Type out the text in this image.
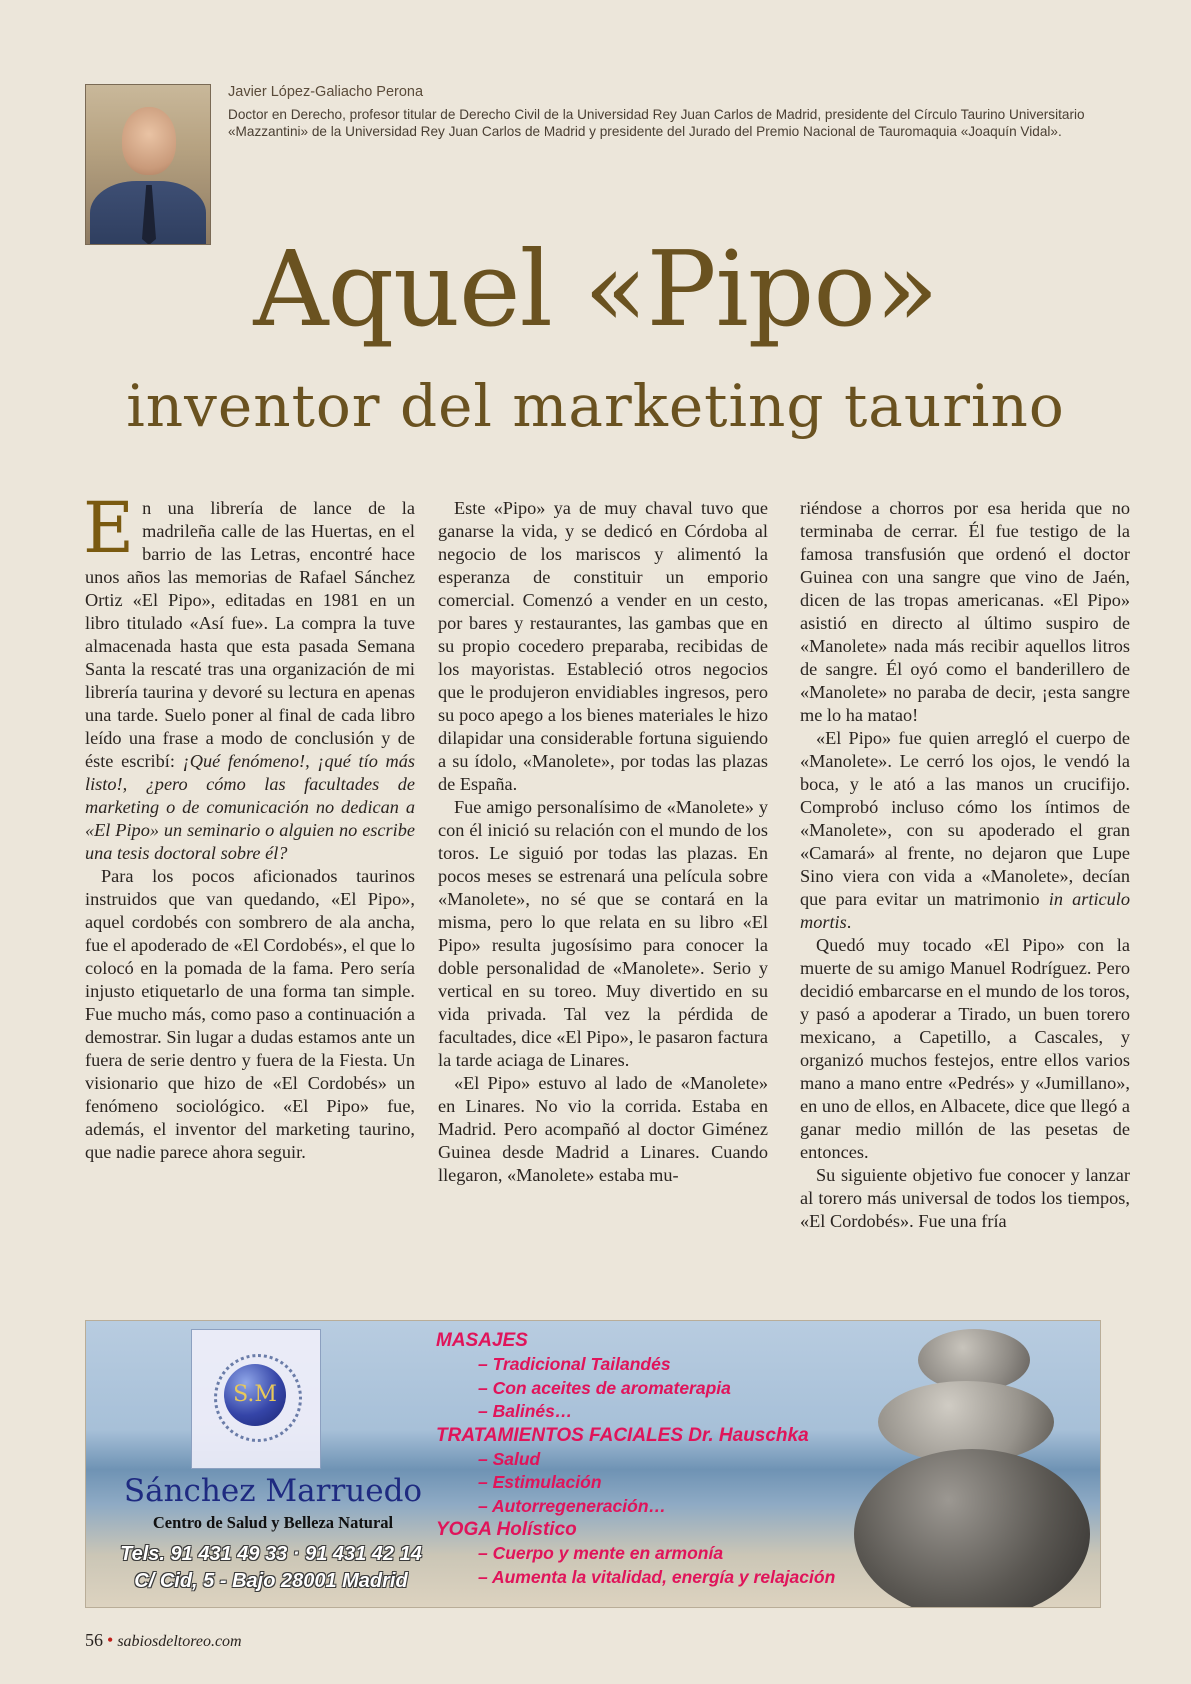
Javier López-Galiacho Perona
Doctor en Derecho, profesor titular de Derecho Civil de la Universidad Rey Juan Carlos de Madrid, presidente del Círculo Taurino Universitario «Mazzantini» de la Universidad Rey Juan Carlos de Madrid y presidente del Jurado del Premio Nacional de Tauromaquia «Joaquín Vidal».
Aquel «Pipo»
inventor del marketing taurino

En una librería de lance de la madrileña calle de las Huertas, en el barrio de las Letras, encontré hace unos años las memorias de Rafael Sánchez Ortiz «El Pipo», editadas en 1981 en un libro titulado «Así fue». La compra la tuve almacenada hasta que esta pasada Semana Santa la rescaté tras una organización de mi librería taurina y devoré su lectura en apenas una tarde. Suelo poner al final de cada libro leído una frase a modo de conclusión y de éste escribí: ¡Qué fenómeno!, ¡qué tío más listo!, ¿pero cómo las facultades de marketing o de comunicación no dedican a «El Pipo» un seminario o alguien no escribe una tesis doctoral sobre él?

Para los pocos aficionados taurinos instruidos que van quedando, «El Pipo», aquel cordobés con sombrero de ala ancha, fue el apoderado de «El Cordobés», el que lo colocó en la pomada de la fama. Pero sería injusto etiquetarlo de una forma tan simple. Fue mucho más, como paso a continuación a demostrar. Sin lugar a dudas estamos ante un fuera de serie dentro y fuera de la Fiesta. Un visionario que hizo de «El Cordobés» un fenómeno sociológico. «El Pipo» fue, además, el inventor del marketing taurino, que nadie parece ahora seguir.

Este «Pipo» ya de muy chaval tuvo que ganarse la vida, y se dedicó en Córdoba al negocio de los mariscos y alimentó la esperanza de constituir un emporio comercial. Comenzó a vender en un cesto, por bares y restaurantes, las gambas que en su propio cocedero preparaba, recibidas de los mayoristas. Estableció otros negocios que le produjeron envidiables ingresos, pero su poco apego a los bienes materiales le hizo dilapidar una considerable fortuna siguiendo a su ídolo, «Manolete», por todas las plazas de España.

Fue amigo personalísimo de «Manolete» y con él inició su relación con el mundo de los toros. Le siguió por todas las plazas. En pocos meses se estrenará una película sobre «Manolete», no sé que se contará en la misma, pero lo que relata en su libro «El Pipo» resulta jugosísimo para conocer la doble personalidad de «Manolete». Serio y vertical en su toreo. Muy divertido en su vida privada. Tal vez la pérdida de facultades, dice «El Pipo», le pasaron factura la tarde aciaga de Linares.

«El Pipo» estuvo al lado de «Manolete» en Linares. No vio la corrida. Estaba en Madrid. Pero acompañó al doctor Giménez Guinea desde Madrid a Linares. Cuando llegaron, «Manolete» estaba mu-

riéndose a chorros por esa herida que no terminaba de cerrar. Él fue testigo de la famosa transfusión que ordenó el doctor Guinea con una sangre que vino de Jaén, dicen de las tropas americanas. «El Pipo» asistió en directo al último suspiro de «Manolete» nada más recibir aquellos litros de sangre. Él oyó como el banderillero de «Manolete» no paraba de decir, ¡esta sangre me lo ha matao!

«El Pipo» fue quien arregló el cuerpo de «Manolete». Le cerró los ojos, le vendó la boca, y le ató a las manos un crucifijo. Comprobó incluso cómo los íntimos de «Manolete», con su apoderado el gran «Camará» al frente, no dejaron que Lupe Sino viera con vida a «Manolete», decían que para evitar un matrimonio in articulo mortis.

Quedó muy tocado «El Pipo» con la muerte de su amigo Manuel Rodríguez. Pero decidió embarcarse en el mundo de los toros, y pasó a apoderar a Tirado, un buen torero mexicano, a Capetillo, a Cascales, y organizó muchos festejos, entre ellos varios mano a mano entre «Pedrés» y «Jumillano», en uno de ellos, en Albacete, dice que llegó a ganar medio millón de las pesetas de entonces.

Su siguiente objetivo fue conocer y lanzar al torero más universal de todos los tiempos, «El Cordobés». Fue una fría

S.M
Sánchez Marruedo
Centro de Salud y Belleza Natural
Tels. 91 431 49 33 · 91 431 42 14
C/ Cid, 5 - Bajo 28001 Madrid
MASAJES
– Tradicional Tailandés
– Con aceites de aromaterapia
– Balinés…
TRATAMIENTOS FACIALES Dr. Hauschka
– Salud
– Estimulación
– Autorregeneración…
YOGA Holístico
– Cuerpo y mente en armonía
– Aumenta la vitalidad, energía y relajación
56 • sabiosdeltoreo.com
